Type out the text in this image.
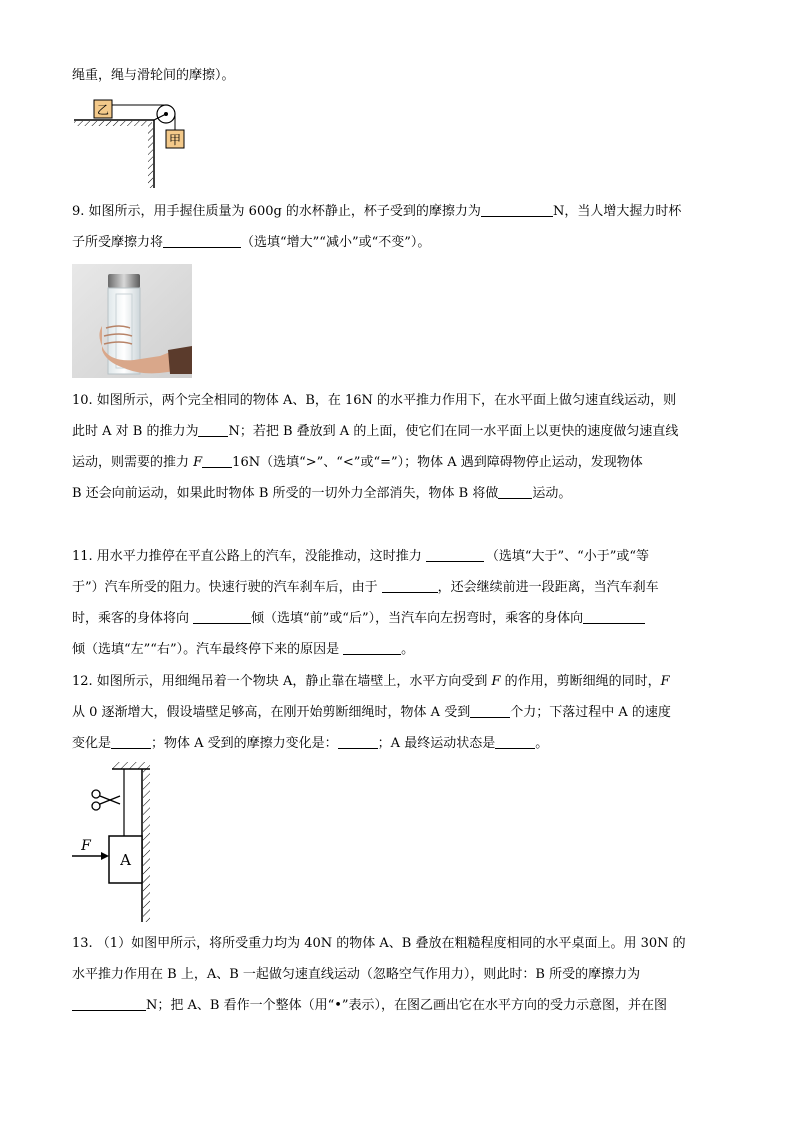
绳重，绳与滑轮间的摩擦）。
乙
甲
9. 如图所示，用手握住质量为 600g 的水杯静止，杯子受到的摩擦力为	N，当人增大握力时杯
子所受摩擦力将	（选填“增大”“减小”或“不变”）。
10. 如图所示，两个完全相同的物体 A、B，在 16N 的水平推力作用下，在水平面上做匀速直线运动，则
此时 A 对 B 的推力为 N；若把 B 叠放到 A 的上面，使它们在同一水平面上以更快的速度做匀速直线
运动，则需要的推力 F 16N（选填“>”、“<”或“=”）；物体 A 遇到障碍物停止运动，发现物体
B 还会向前运动，如果此时物体 B 所受的一切外力全部消失，物体 B 将做	运动。
11. 用水平力推停在平直公路上的汽车，没能推动，这时推力	（选填“大于”、“小于”或“等
于”）汽车所受的阻力。快速行驶的汽车刹车后，由于	，还会继续前进一段距离，当汽车刹车
时，乘客的身体将向	倾（选填“前”或“后”），当汽车向左拐弯时，乘客的身体向
倾（选填“左”“右”）。汽车最终停下来的原因是	。
12. 如图所示，用细绳吊着一个物块 A，静止靠在墙壁上，水平方向受到 F 的作用，剪断细绳的同时，F
从 0 逐渐增大，假设墙壁足够高，在刚开始剪断细绳时，物体 A 受到	个力；下落过程中 A 的速度
变化是	；物体 A 受到的摩擦力变化是：	；A 最终运动状态是	。
A
F
13. （1）如图甲所示，将所受重力均为 40N 的物体 A、B 叠放在粗糙程度相同的水平桌面上。用 30N 的
水平推力作用在 B 上，A、B 一起做匀速直线运动（忽略空气作用力），则此时：B 所受的摩擦力为
N；把 A、B 看作一个整体（用“•”表示），在图乙画出它在水平方向的受力示意图，并在图
